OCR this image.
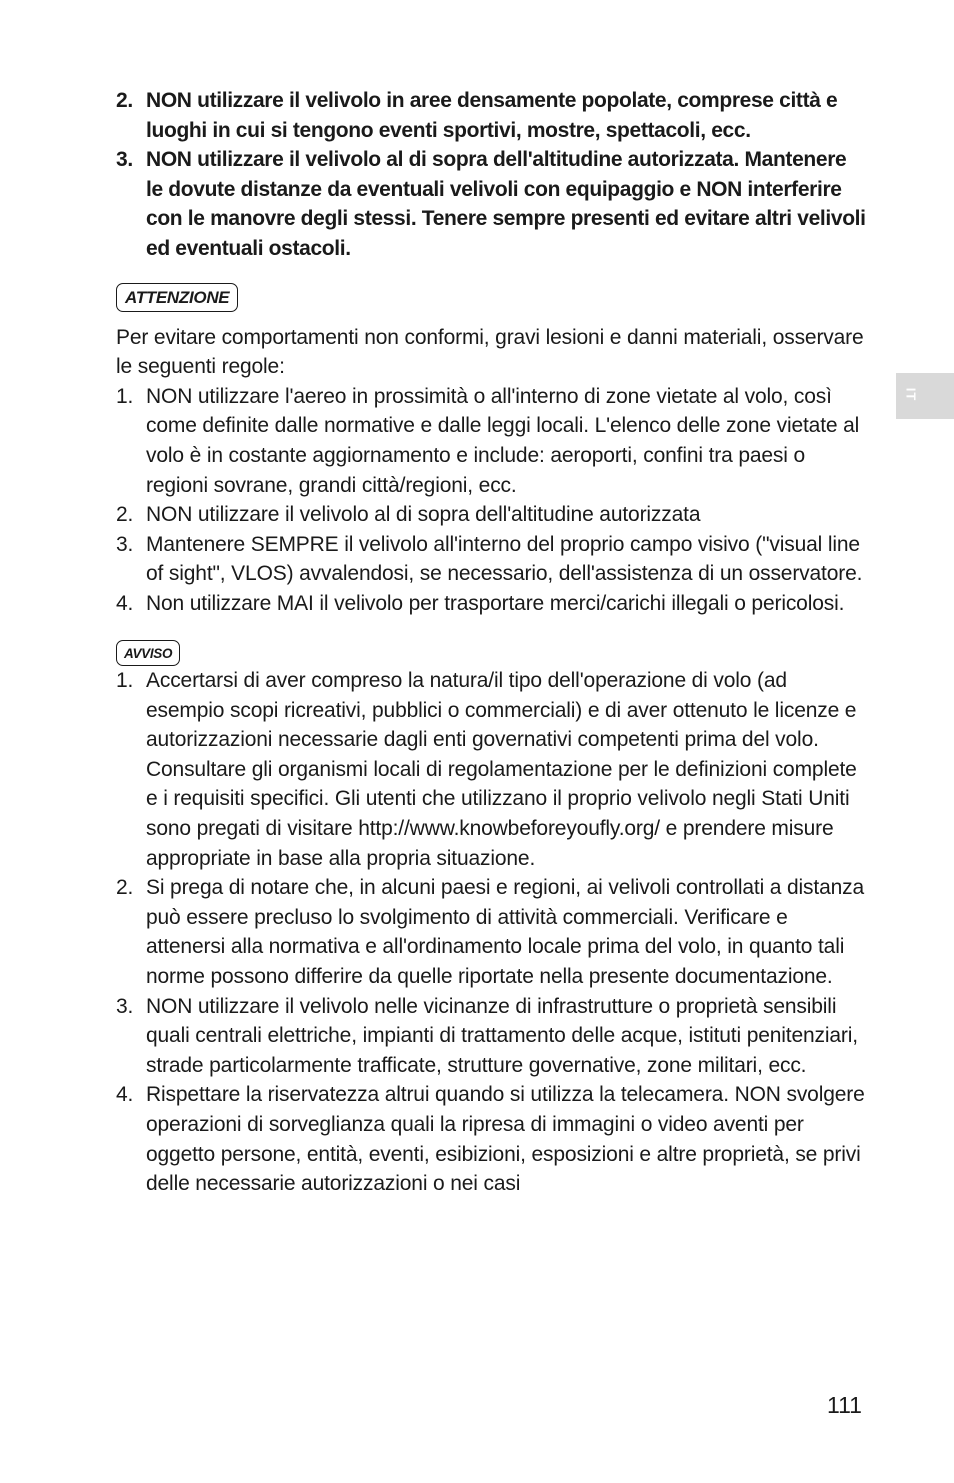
2. NON utilizzare il velivolo in aree densamente popolate, comprese città e luoghi in cui si tengono eventi sportivi, mostre, spettacoli, ecc.
3. NON utilizzare il velivolo al di sopra dell'altitudine autorizzata. Mantenere le dovute distanze da eventuali velivoli con equipaggio e NON interferire con le manovre degli stessi. Tenere sempre presenti ed evitare altri velivoli ed eventuali ostacoli.
ATTENZIONE

Per evitare comportamenti non conformi, gravi lesioni e danni materiali, osservare le seguenti regole:

1. NON utilizzare l'aereo in prossimità o all'interno di zone vietate al volo, così come definite dalle normative e dalle leggi locali. L'elenco delle zone vietate al volo è in costante aggiornamento e include: aeroporti, confini tra paesi o regioni sovrane, grandi città/regioni, ecc.
2. NON utilizzare il velivolo al di sopra dell'altitudine autorizzata
3. Mantenere SEMPRE il velivolo all'interno del proprio campo visivo ("visual line of sight", VLOS) avvalendosi, se necessario, dell'assistenza di un osservatore.
4. Non utilizzare MAI il velivolo per trasportare merci/carichi illegali o pericolosi.
AVVISO
1. Accertarsi di aver compreso la natura/il tipo dell'operazione di volo (ad esempio scopi ricreativi, pubblici o commerciali) e di aver ottenuto le licenze e autorizzazioni necessarie dagli enti governativi competenti prima del volo. Consultare gli organismi locali di regolamentazione per le definizioni complete e i requisiti specifici. Gli utenti che utilizzano il proprio velivolo negli Stati Uniti sono pregati di visitare http://www.knowbeforeyoufly.org/ e prendere misure appropriate in base alla propria situazione.
2. Si prega di notare che, in alcuni paesi e regioni, ai velivoli controllati a distanza può essere precluso lo svolgimento di attività commerciali. Verificare e attenersi alla normativa e all'ordinamento locale prima del volo, in quanto tali norme possono differire da quelle riportate nella presente documentazione.
3. NON utilizzare il velivolo nelle vicinanze di infrastrutture o proprietà sensibili quali centrali elettriche, impianti di trattamento delle acque, istituti penitenziari, strade particolarmente trafficate, strutture governative, zone militari, ecc.
4. Rispettare la riservatezza altrui quando si utilizza la telecamera. NON svolgere operazioni di sorveglianza quali la ripresa di immagini o video aventi per oggetto persone, entità, eventi, esibizioni, esposizioni e altre proprietà, se privi delle necessarie autorizzazioni o nei casi
IT
111
